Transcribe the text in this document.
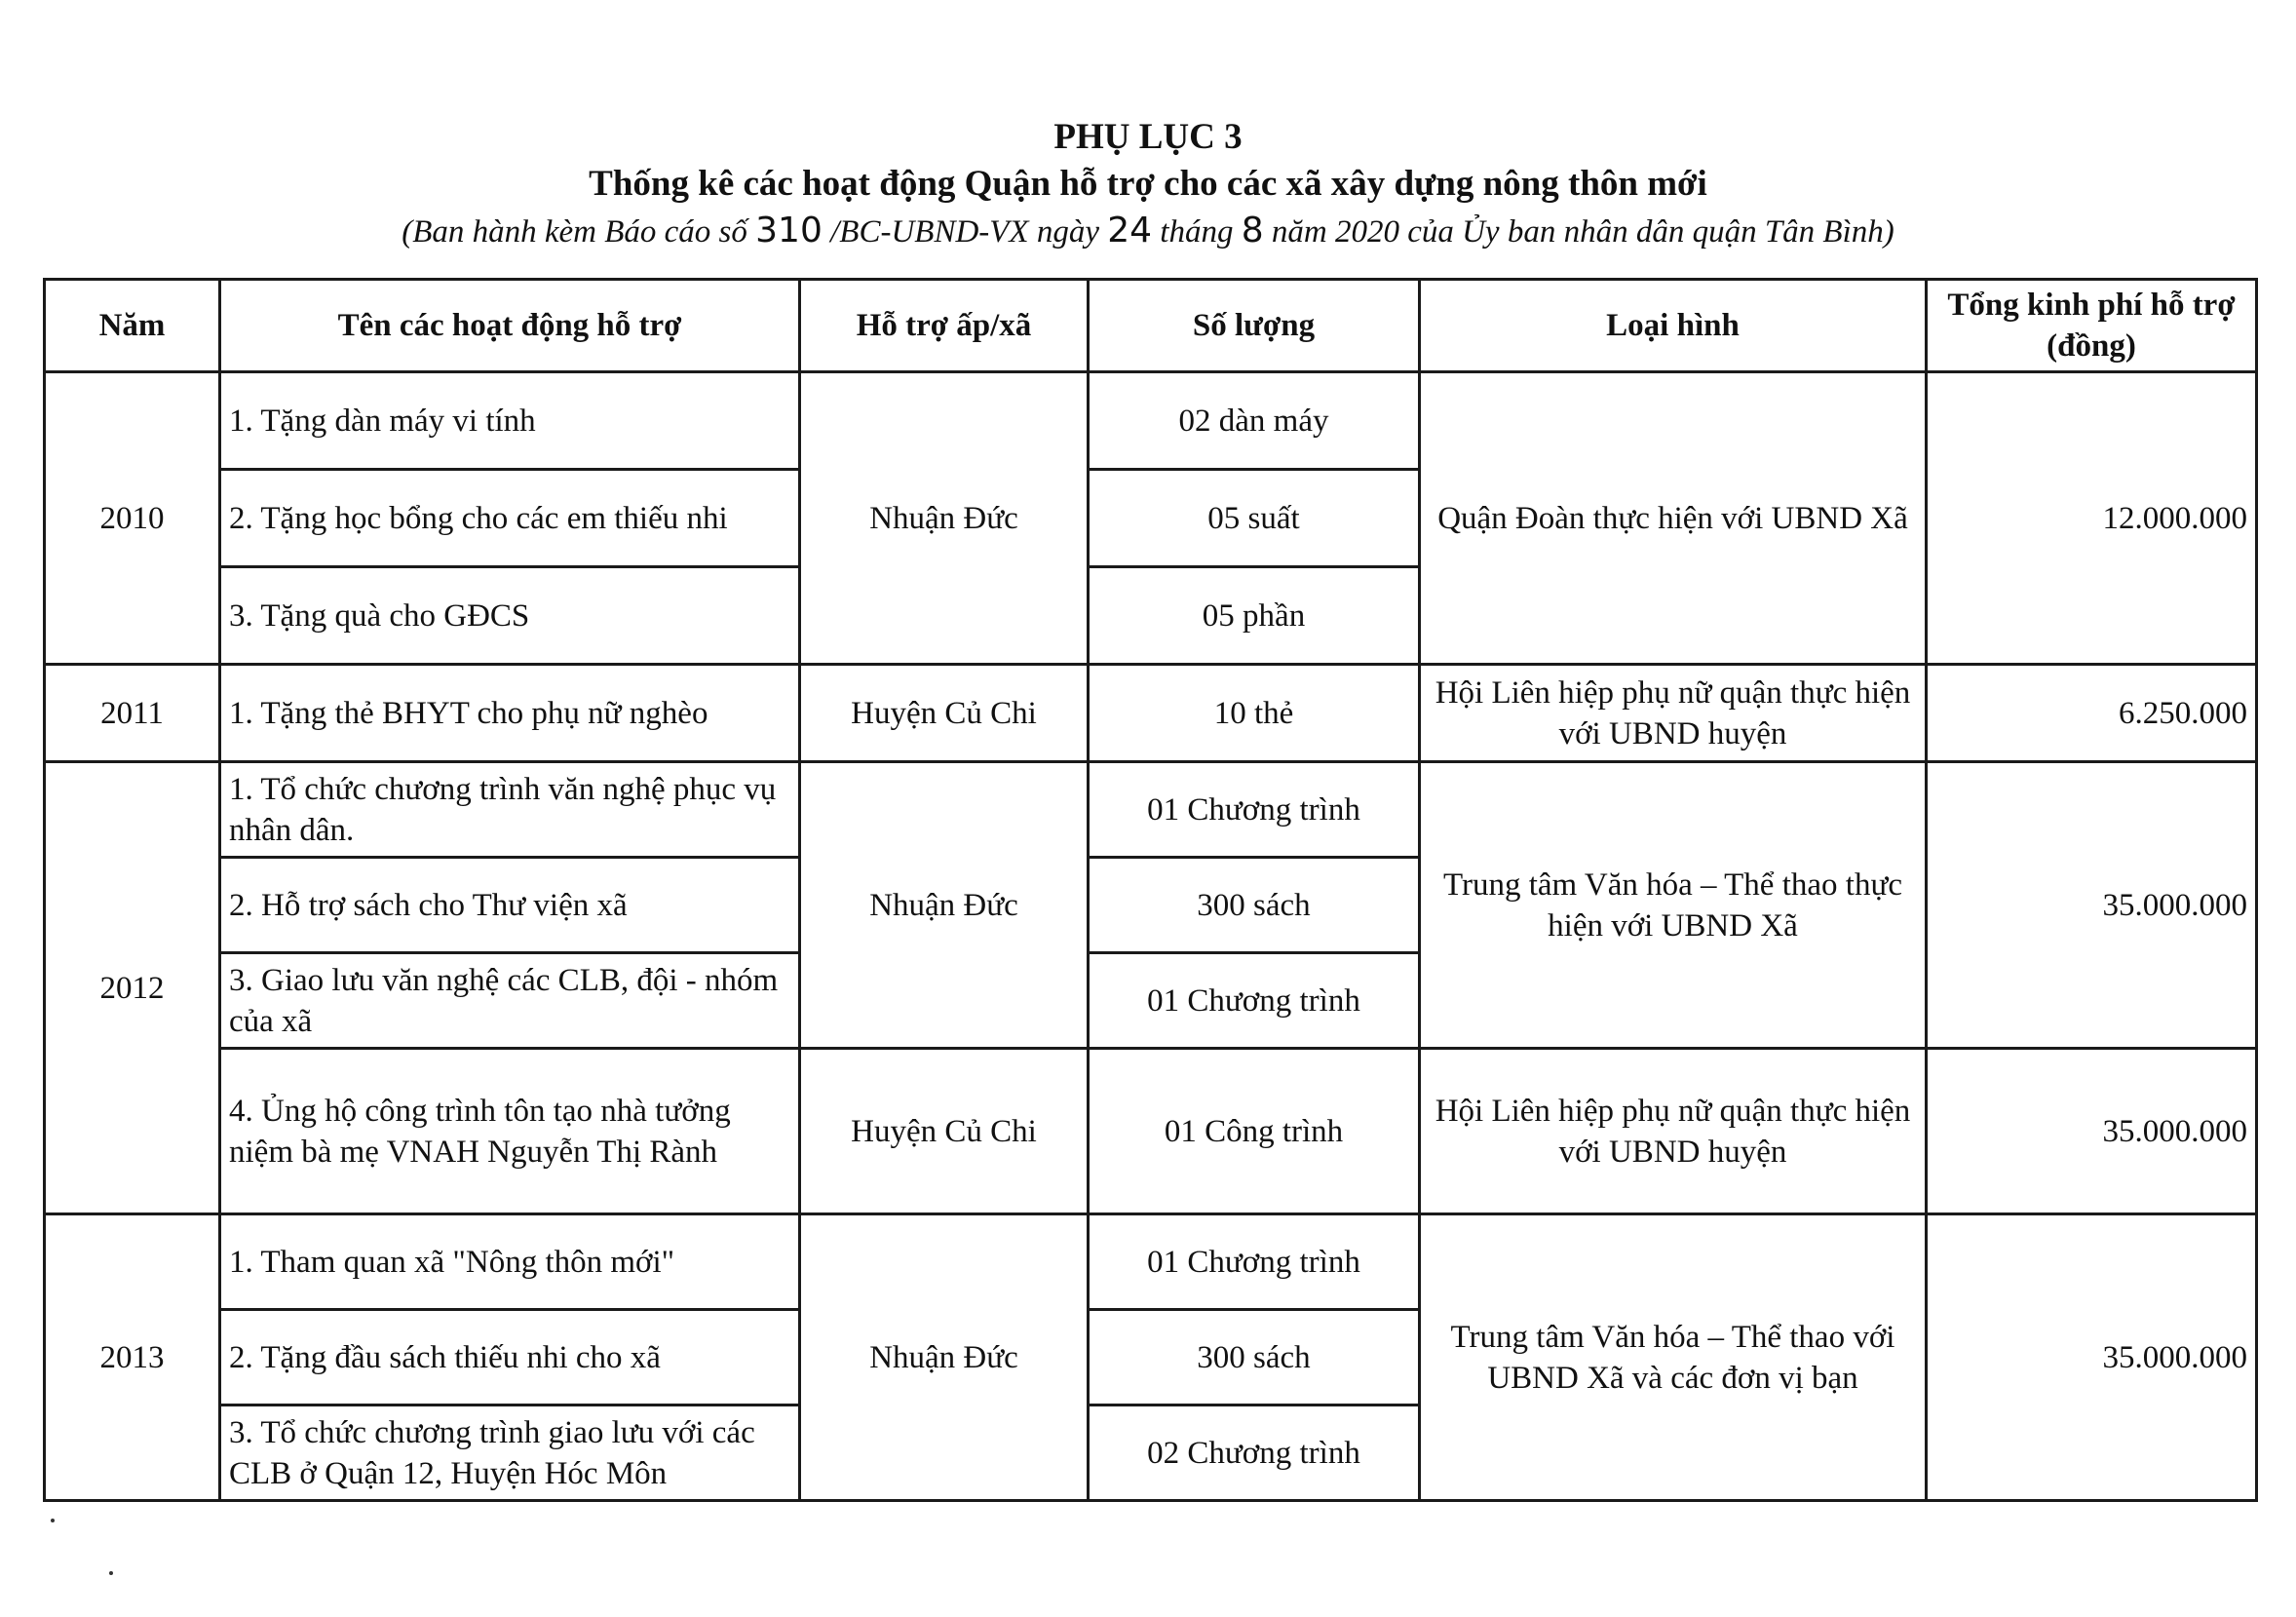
PHỤ LỤC 3
Thống kê các hoạt động Quận hỗ trợ cho các xã xây dựng nông thôn mới
(Ban hành kèm Báo cáo số 310 /BC-UBND-VX ngày 24 tháng 8 năm 2020 của Ủy ban nhân dân quận Tân Bình)
Năm	Tên các hoạt động hỗ trợ	Hỗ trợ ấp/xã	Số lượng	Loại hình	Tổng kinh phí hỗ trợ (đồng)
2010	1. Tặng dàn máy vi tính	Nhuận Đức	02 dàn máy	Quận Đoàn thực hiện với UBND Xã	12.000.000
	2. Tặng học bổng cho các em thiếu nhi		05 suất		
	3. Tặng quà cho GĐCS		05 phần		
2011	1. Tặng thẻ BHYT cho phụ nữ nghèo	Huyện Củ Chi	10 thẻ	Hội Liên hiệp phụ nữ quận thực hiện với UBND huyện	6.250.000
2012	1. Tổ chức chương trình văn nghệ phục vụ nhân dân.	Nhuận Đức	01 Chương trình	Trung tâm Văn hóa – Thể thao thực hiện với UBND Xã	35.000.000
	2. Hỗ trợ sách cho Thư viện xã		300 sách		
	3. Giao lưu văn nghệ các CLB, đội - nhóm của xã		01 Chương trình		
	4. Ủng hộ công trình tôn tạo nhà tưởng niệm bà mẹ VNAH Nguyễn Thị Rành	Huyện Củ Chi	01 Công trình	Hội Liên hiệp phụ nữ quận thực hiện với UBND huyện	35.000.000
2013	1. Tham quan xã "Nông thôn mới"	Nhuận Đức	01 Chương trình	Trung tâm Văn hóa – Thể thao với UBND Xã và các đơn vị bạn	35.000.000
	2. Tặng đầu sách thiếu nhi cho xã		300 sách		
	3. Tổ chức chương trình giao lưu với các CLB ở Quận 12, Huyện Hóc Môn		02 Chương trình		
